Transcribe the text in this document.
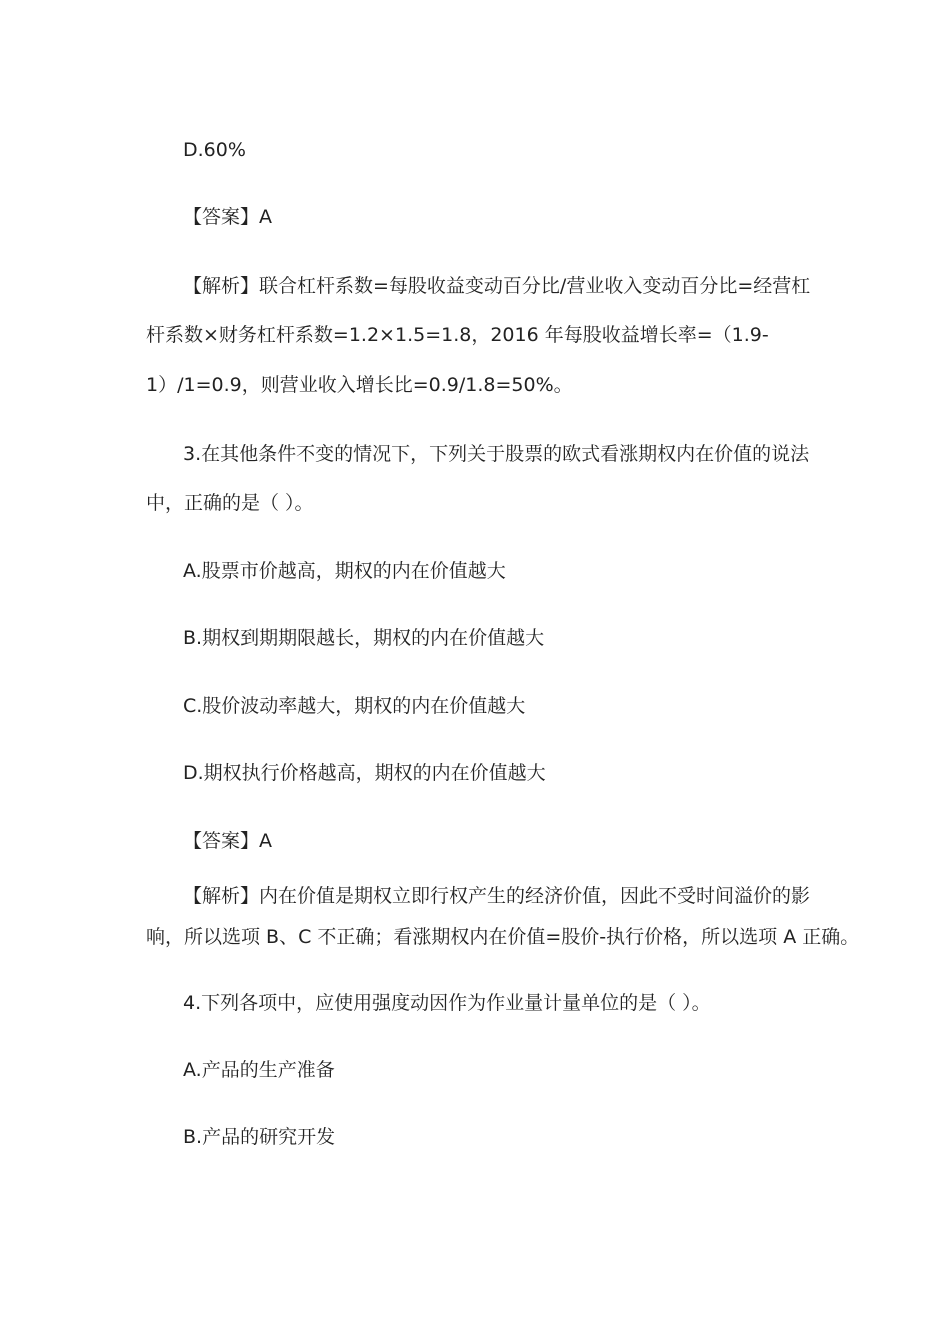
D.60%
【答案】A
【解析】联合杠杆系数=每股收益变动百分比/营业收入变动百分比=经营杠
杆系数×财务杠杆系数=1.2×1.5=1.8，2016 年每股收益增长率=（1.9-
1）/1=0.9，则营业收入增长比=0.9/1.8=50%。
3.在其他条件不变的情况下，下列关于股票的欧式看涨期权内在价值的说法
中，正确的是（ ）。
A.股票市价越高，期权的内在价值越大
B.期权到期期限越长，期权的内在价值越大
C.股价波动率越大，期权的内在价值越大
D.期权执行价格越高，期权的内在价值越大
【答案】A
【解析】内在价值是期权立即行权产生的经济价值，因此不受时间溢价的影
响，所以选项 B、C 不正确；看涨期权内在价值=股价-执行价格，所以选项 A 正确。
4.下列各项中，应使用强度动因作为作业量计量单位的是（ ）。
A.产品的生产准备
B.产品的研究开发
